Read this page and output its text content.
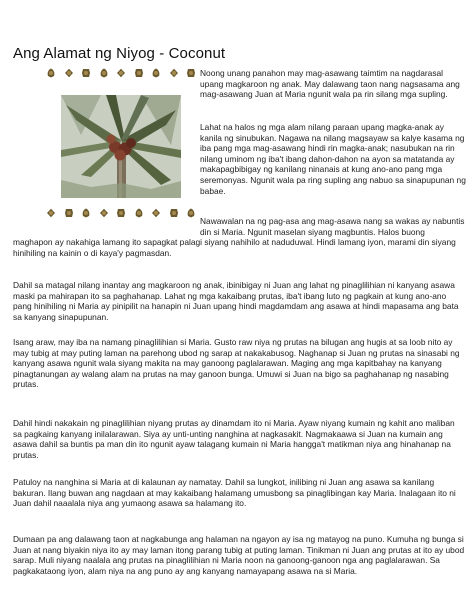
Ang Alamat ng Niyog - Coconut

Noong unang panahon may mag-asawang taimtim na nagdarasal upang magkaroon ng anak. May dalawang taon nang nagsasama ang mag-asawang Juan at Maria ngunit wala pa rin silang mga supling.

Lahat na halos ng mga alam nilang paraan upang magka-anak ay kanila ng sinubukan. Nagawa na nilang magsayaw sa kalye kasama ng iba pang mga mag-asawang hindi rin magka-anak; nasubukan na rin nilang uminom ng iba't ibang dahon-dahon na ayon sa matatanda ay makapagbibigay ng kanilang ninanais at kung ano-ano pang mga seremonyas. Ngunit wala pa ring supling ang nabuo sa sinapupunan ng babae.

Nawawalan na ng pag-asa ang mag-asawa nang sa wakas ay nabuntis din si Maria. Ngunit maselan siyang magbuntis. Halos buong maghapon ay nakahiga lamang ito sapagkat palagi siyang nahihilo at naduduwal. Hindi lamang iyon, marami din siyang hinihiling na kainin o di kaya'y pagmasdan.

Dahil sa matagal nilang inantay ang magkaroon ng anak, ibinibigay ni Juan ang lahat ng pinaglilihian ni kanyang asawa maski pa mahirapan ito sa paghahanap. Lahat ng mga kakaibang prutas, iba't ibang luto ng pagkain at kung ano-ano pang hinihiling ni Maria ay pinipilit na hanapin ni Juan upang hindi magdamdam ang asawa at hindi mapasama ang bata sa kanyang sinapupunan.

Isang araw, may iba na namang pinaglilihian si Maria. Gusto raw niya ng prutas na bilugan ang hugis at sa loob nito ay may tubig at may puting laman na parehong ubod ng sarap at nakakabusog. Naghanap si Juan ng prutas na sinasabi ng kanyang asawa ngunit wala siyang makita na may ganoong paglalarawan. Maging ang mga kapitbahay na kanyang pinagtanungan ay walang alam na prutas na may ganoon bunga. Umuwi si Juan na bigo sa paghahanap ng nasabing prutas.

Dahil hindi nakakain ng pinaglilihian niyang prutas ay dinamdam ito ni Maria. Ayaw niyang kumain ng kahit ano maliban sa pagkaing kanyang inilalarawan. Siya ay unti-unting nanghina at nagkasakit. Nagmakaawa si Juan na kumain ang asawa dahil sa buntis pa man din ito ngunit ayaw talagang kumain ni Maria hangga't matikman niya ang hinahanap na prutas.

Patuloy na nanghina si Maria at di kalaunan ay namatay. Dahil sa lungkot, inilibing ni Juan ang asawa sa kanilang bakuran. Ilang buwan ang nagdaan at may kakaibang halamang umusbong sa pinaglibingan kay Maria. Inalagaan ito ni Juan dahil naaalala niya ang yumaong asawa sa halamang ito.

Dumaan pa ang dalawang taon at nagkabunga ang halaman na ngayon ay isa ng matayog na puno. Kumuha ng bunga si Juan at nang biyakin niya ito ay may laman itong parang tubig at puting laman. Tinikman ni Juan ang prutas at ito ay ubod sarap. Muli niyang naalala ang prutas na pinaglilihian ni Maria noon na ganoong-ganoon nga ang paglalarawan. Sa pagkakataong iyon, alam niya na ang puno ay ang kanyang namayapang asawa na si Maria.
